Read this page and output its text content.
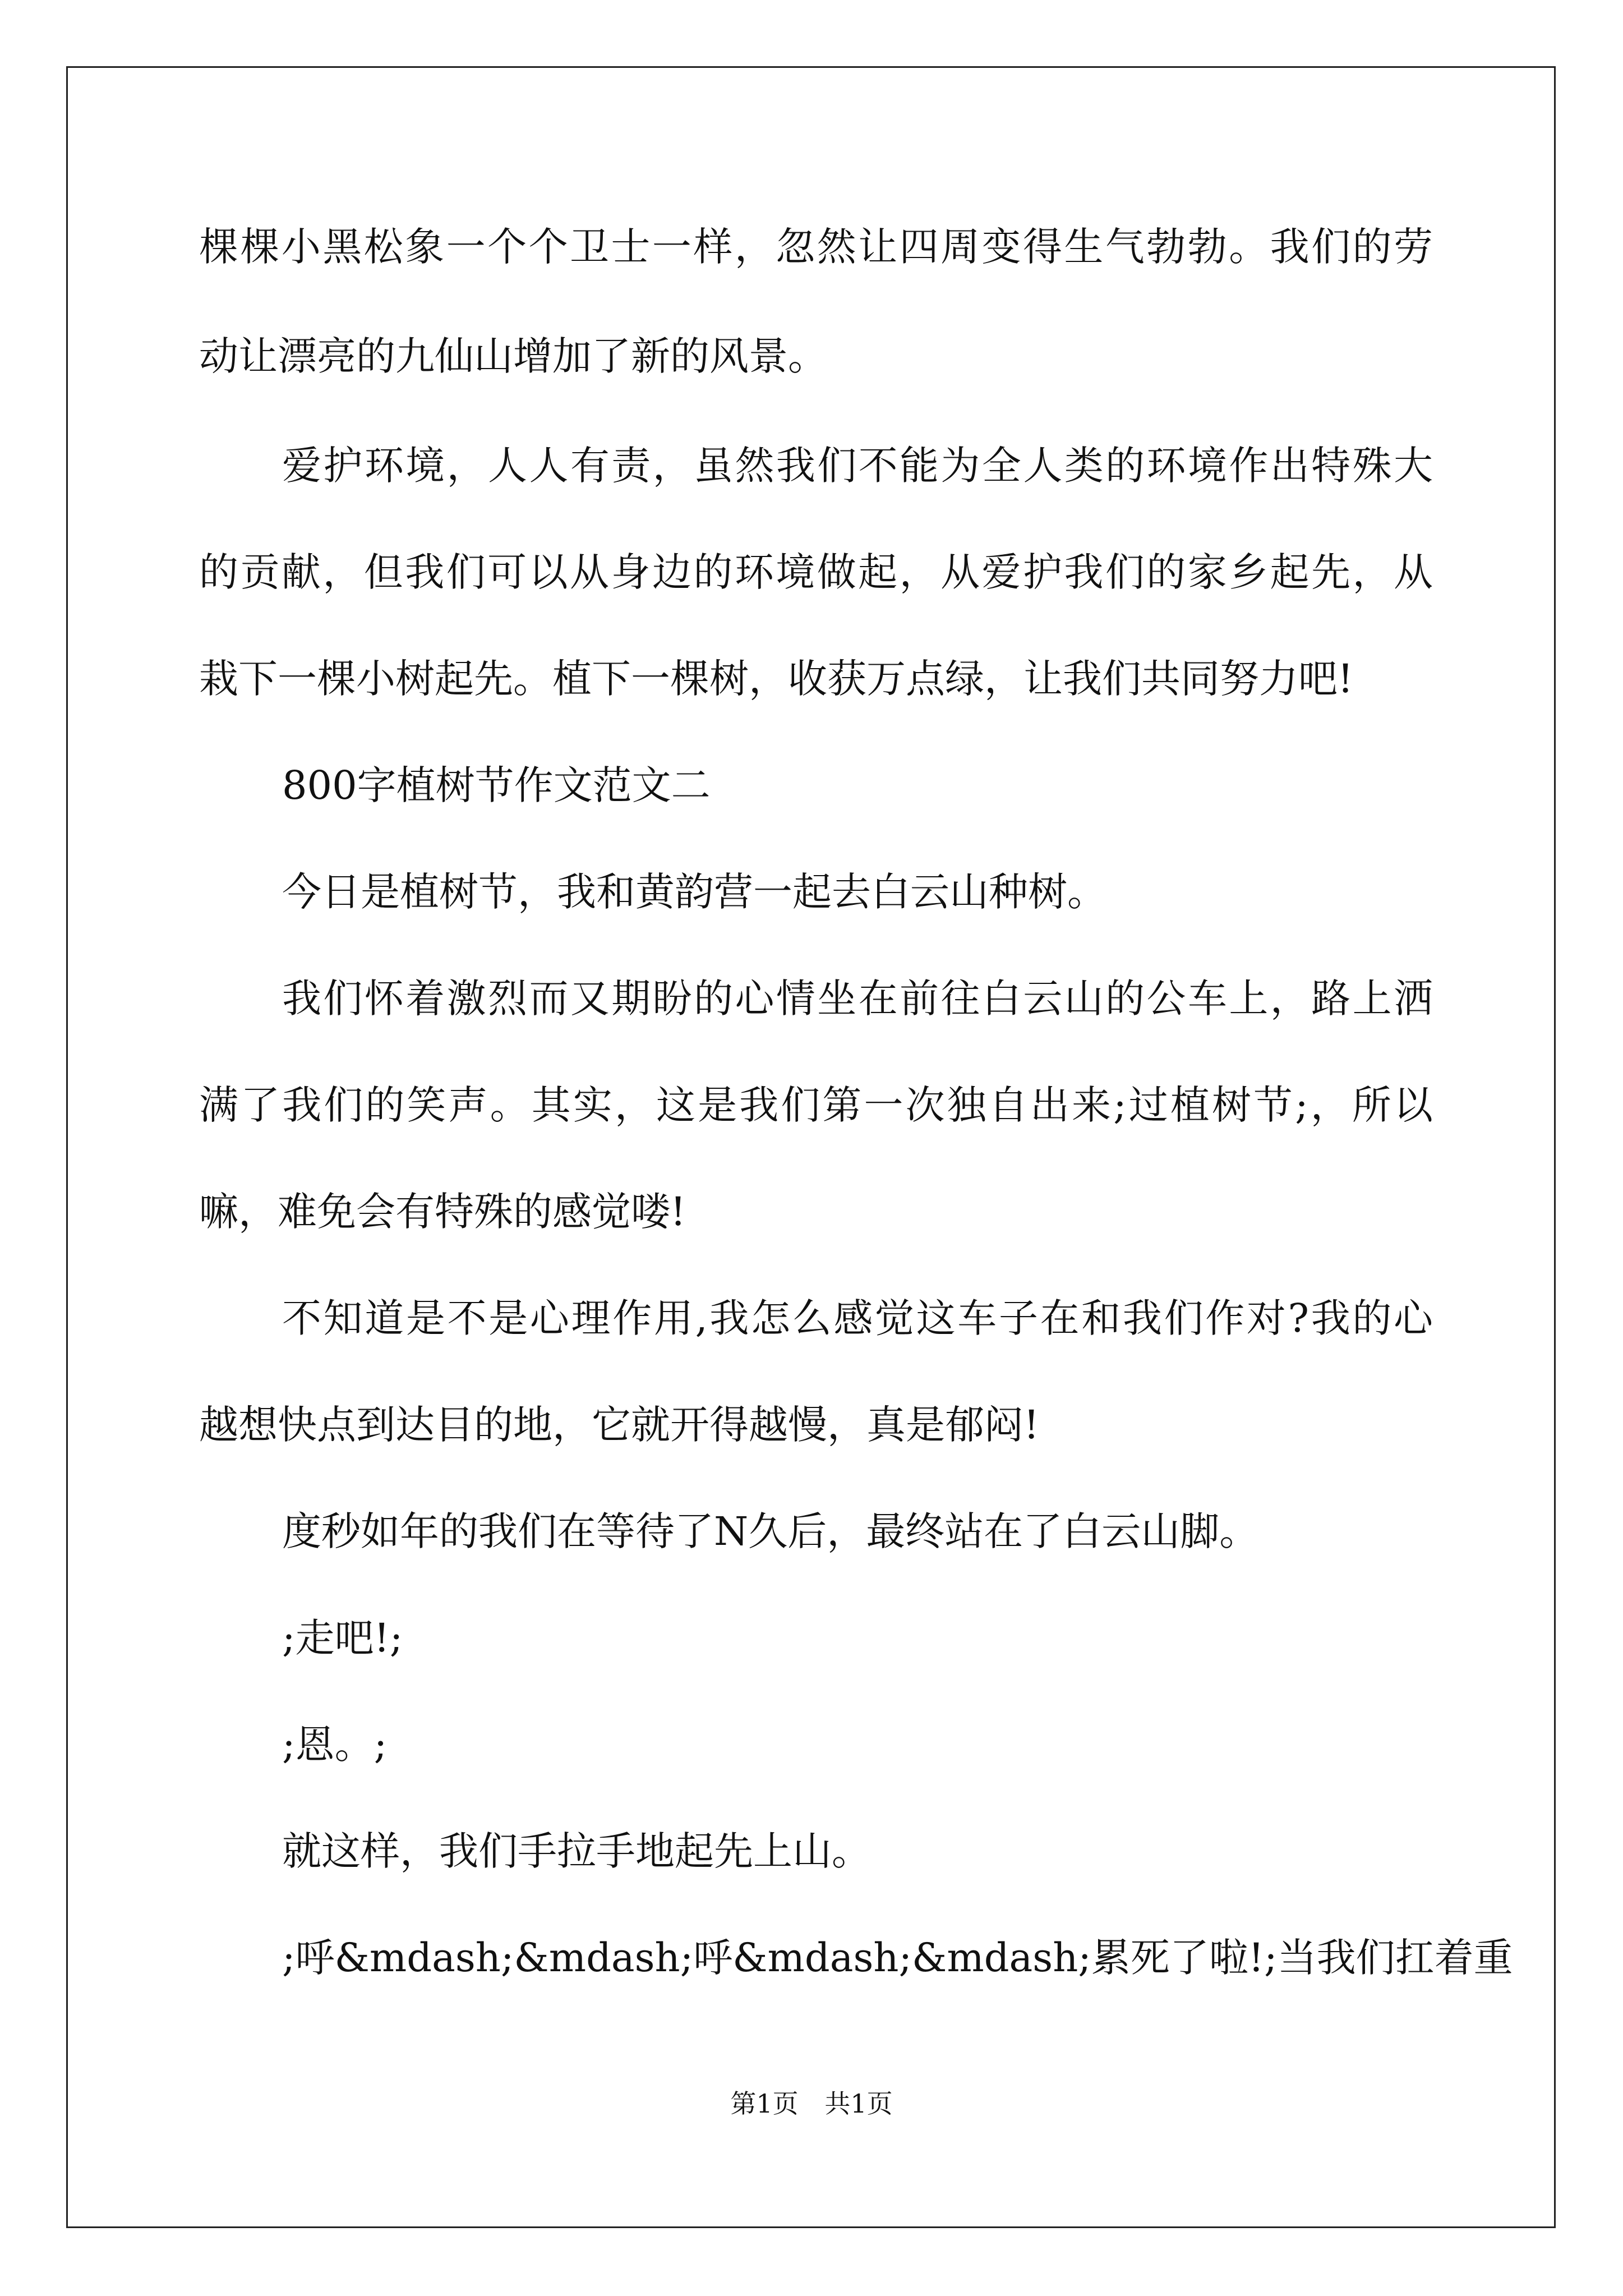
棵棵小黑松象一个个卫士一样，忽然让四周变得生气勃勃。我们的劳
动让漂亮的九仙山增加了新的风景。
爱护环境，人人有责，虽然我们不能为全人类的环境作出特殊大
的贡献，但我们可以从身边的环境做起，从爱护我们的家乡起先，从
栽下一棵小树起先。植下一棵树，收获万点绿，让我们共同努力吧!
800字植树节作文范文二
今日是植树节，我和黄韵营一起去白云山种树。
我们怀着激烈而又期盼的心情坐在前往白云山的公车上，路上洒
满了我们的笑声。其实，这是我们第一次独自出来;过植树节;，所以
嘛，难免会有特殊的感觉喽!
不知道是不是心理作用,我怎么感觉这车子在和我们作对?我的心
越想快点到达目的地，它就开得越慢，真是郁闷!
度秒如年的我们在等待了N久后，最终站在了白云山脚。
;走吧!;
;恩。;
就这样，我们手拉手地起先上山。
;呼&mdash;&mdash;呼&mdash;&mdash;累死了啦!;当我们扛着重
第1页 共1页
